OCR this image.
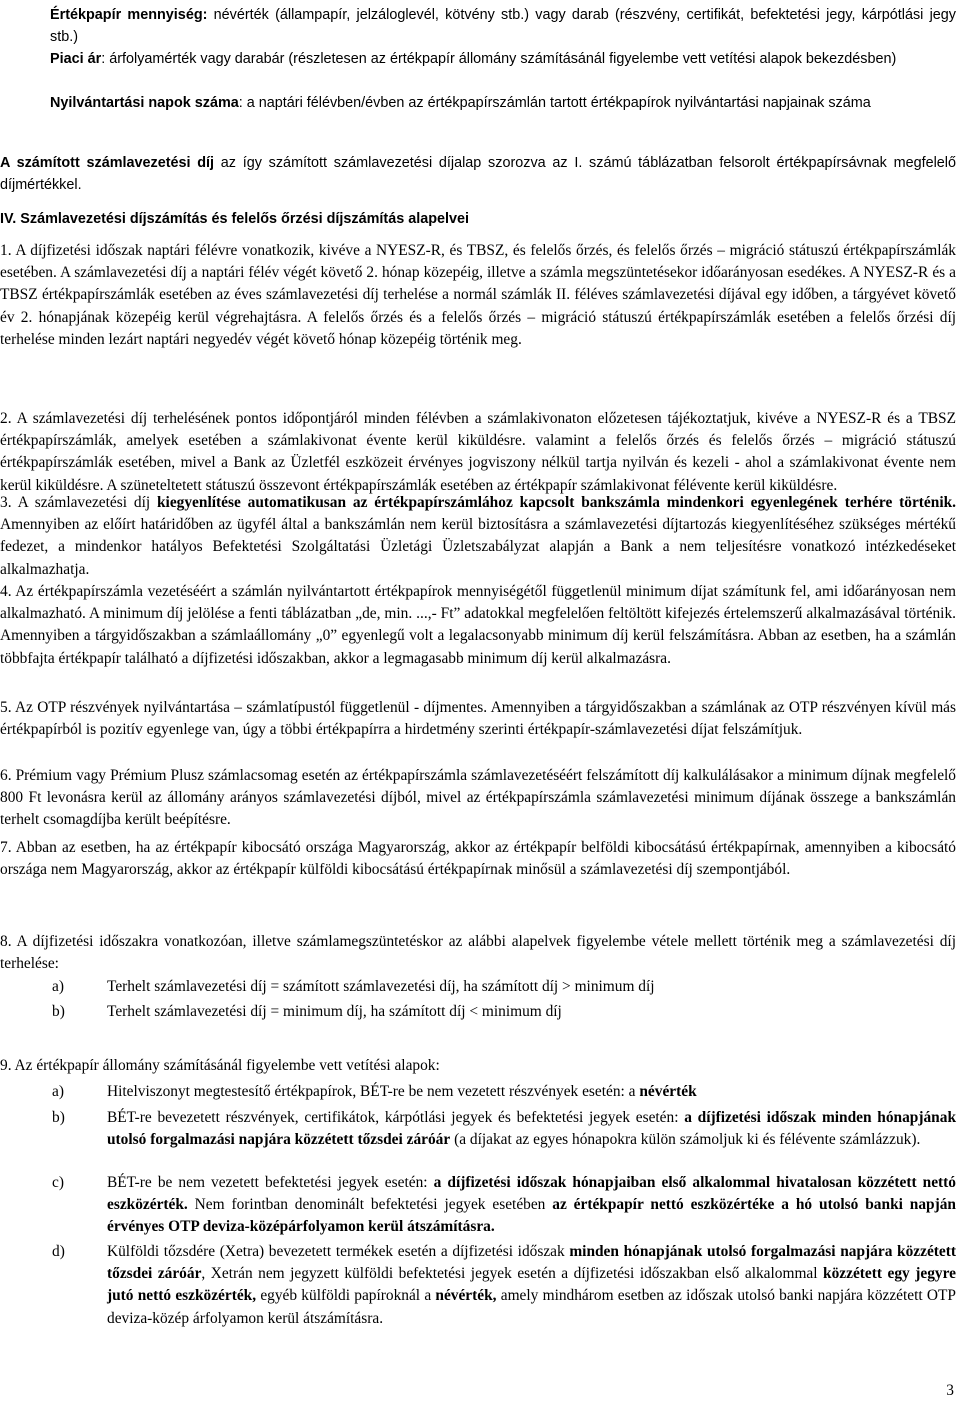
Értékpapír mennyiség: névérték (állampapír, jelzáloglevél, kötvény stb.) vagy darab (részvény, certifikát, befektetési jegy, kárpótlási jegy stb.)
Piaci ár: árfolyamérték vagy darabár (részletesen az értékpapír állomány számításánál figyelembe vett vetítési alapok bekezdésben)
Nyilvántartási napok száma: a naptári félévben/évben az értékpapírszámlán tartott értékpapírok nyilvántartási napjainak száma
A számított számlavezetési díj az így számított számlavezetési díjalap szorozva az I. számú táblázatban felsorolt értékpapírsávnak megfelelő díjmértékkel.
IV. Számlavezetési díjszámítás és felelős őrzési díjszámítás alapelvei
1. A díjfizetési időszak naptári félévre vonatkozik, kivéve a NYESZ-R, és TBSZ, és felelős őrzés, és felelős őrzés – migráció státuszú értékpapírszámlák esetében. A számlavezetési díj a naptári félév végét követő 2. hónap közepéig, illetve a számla megszüntetésekor időarányosan esedékes. A NYESZ-R és a TBSZ értékpapírszámlák esetében az éves számlavezetési díj terhelése a normál számlák II. féléves számlavezetési díjával egy időben, a tárgyévet követő év 2. hónapjának közepéig kerül végrehajtásra. A felelős őrzés és a felelős őrzés – migráció státuszú értékpapírszámlák esetében a felelős őrzési díj terhelése minden lezárt naptári negyedév végét követő hónap közepéig történik meg.
2. A számlavezetési díj terhelésének pontos időpontjáról minden félévben a számlakivonaton előzetesen tájékoztatjuk, kivéve a NYESZ-R és a TBSZ értékpapírszámlák, amelyek esetében a számlakivonat évente kerül kiküldésre. valamint a felelős őrzés és felelős őrzés – migráció státuszú értékpapírszámlák esetében, mivel a Bank az Üzletfél eszközeit érvényes jogviszony nélkül tartja nyilván és kezeli - ahol a számlakivonat évente nem kerül kiküldésre. A szüneteltetett státuszú összevont értékpapírszámlák esetében az értékpapír számlakivonat félévente kerül kiküldésre.
3. A számlavezetési díj kiegyenlítése automatikusan az értékpapírszámlához kapcsolt bankszámla mindenkori egyenlegének terhére történik. Amennyiben az előírt határidőben az ügyfél által a bankszámlán nem kerül biztosításra a számlavezetési díjtartozás kiegyenlítéséhez szükséges mértékű fedezet, a mindenkor hatályos Befektetési Szolgáltatási Üzletági Üzletszabályzat alapján a Bank a nem teljesítésre vonatkozó intézkedéseket alkalmazhatja.
4. Az értékpapírszámla vezetéséért a számlán nyilvántartott értékpapírok mennyiségétől függetlenül minimum díjat számítunk fel, ami időarányosan nem alkalmazható. A minimum díj jelölése a fenti táblázatban „de, min. ...,- Ft” adatokkal megfelelően feltöltött kifejezés értelemszerű alkalmazásával történik. Amennyiben a tárgyidőszakban a számlaállomány „0” egyenlegű volt a legalacsonyabb minimum díj kerül felszámításra. Abban az esetben, ha a számlán többfajta értékpapír található a díjfizetési időszakban, akkor a legmagasabb minimum díj kerül alkalmazásra.
5. Az OTP részvények nyilvántartása – számlatípustól függetlenül - díjmentes. Amennyiben a tárgyidőszakban a számlának az OTP részvényen kívül más értékpapírból is pozitív egyenlege van, úgy a többi értékpapírra a hirdetmény szerinti értékpapír-számlavezetési díjat felszámítjuk.
6. Prémium vagy Prémium Plusz számlacsomag esetén az értékpapírszámla számlavezetéséért felszámított díj kalkulálásakor a minimum díjnak megfelelő 800 Ft levonásra kerül az állomány arányos számlavezetési díjból, mivel az értékpapírszámla számlavezetési minimum díjának összege a bankszámlán terhelt csomagdíjba került beépítésre.
7. Abban az esetben, ha az értékpapír kibocsátó országa Magyarország, akkor az értékpapír belföldi kibocsátású értékpapírnak, amennyiben a kibocsátó országa nem Magyarország, akkor az értékpapír külföldi kibocsátású értékpapírnak minősül a számlavezetési díj szempontjából.
8. A díjfizetési időszakra vonatkozóan, illetve számlamegszüntetéskor az alábbi alapelvek figyelembe vétele mellett történik meg a számlavezetési díj terhelése:
a)	Terhelt számlavezetési díj = számított számlavezetési díj, ha számított díj > minimum díj
b)	Terhelt számlavezetési díj = minimum díj, ha számított díj < minimum díj
9. Az értékpapír állomány számításánál figyelembe vett vetítési alapok:
a)	Hitelviszonyt megtestesítő értékpapírok, BÉT-re be nem vezetett részvények esetén: a névérték
b)	BÉT-re bevezetett részvények, certifikátok, kárpótlási jegyek és befektetési jegyek esetén: a díjfizetési időszak minden hónapjának utolsó forgalmazási napjára közzétett tőzsdei záróár (a díjakat az egyes hónapokra külön számoljuk ki és félévente számlázzuk).
c)	BÉT-re be nem vezetett befektetési jegyek esetén: a díjfizetési időszak hónapjaiban első alkalommal hivatalosan közzétett nettó eszközérték. Nem forintban denominált befektetési jegyek esetében az értékpapír nettó eszközértéke a hó utolsó banki napján érvényes OTP deviza-középárfolyamon kerül átszámításra.
d)	Külföldi tőzsdére (Xetra) bevezetett termékek esetén a díjfizetési időszak minden hónapjának utolsó forgalmazási napjára közzétett tőzsdei záróár, Xetrán nem jegyzett külföldi befektetési jegyek esetén a díjfizetési időszakban első alkalommal közzétett egy jegyre jutó nettó eszközérték, egyéb külföldi papíroknál a névérték, amely mindhárom esetben az időszak utolsó banki napjára közzétett OTP deviza-közép árfolyamon kerül átszámításra.
3
